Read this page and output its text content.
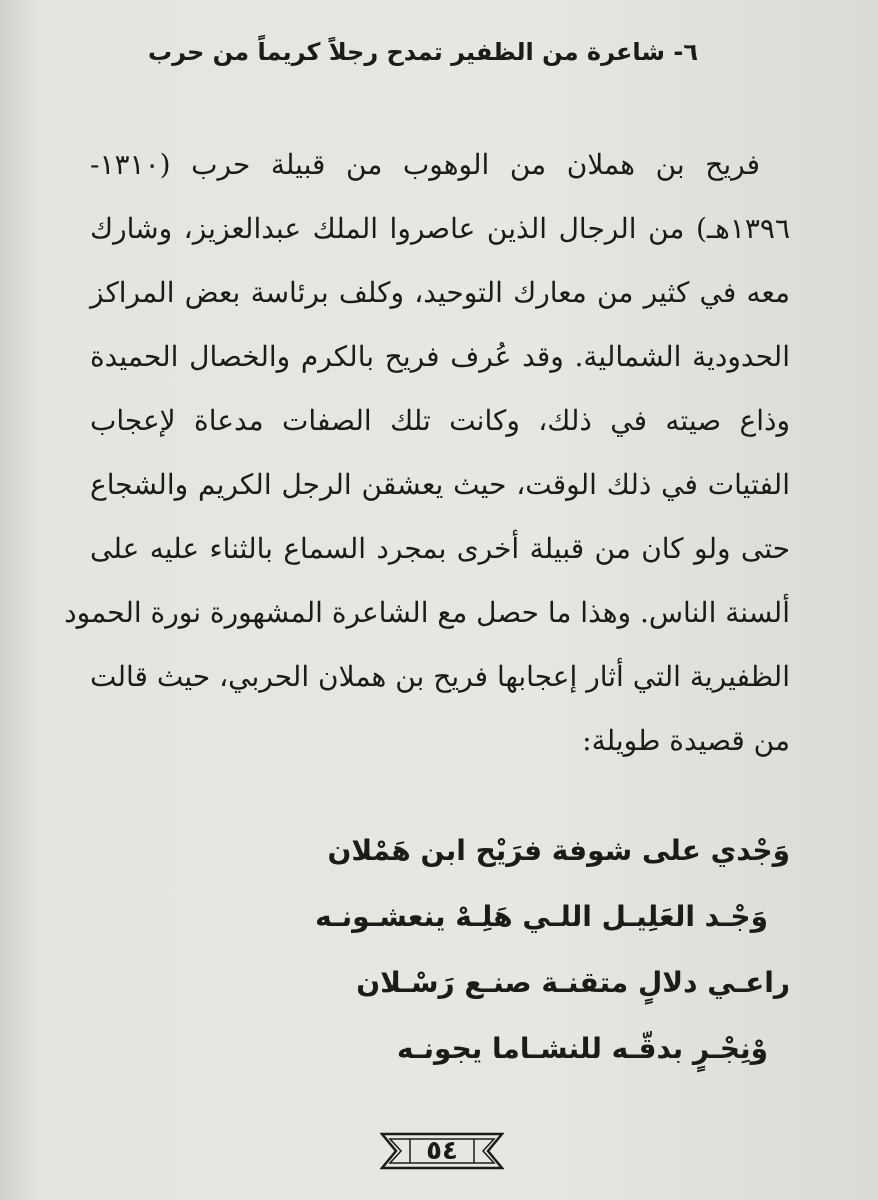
٦- شاعرة من الظفير تمدح رجلاً كريماً من حرب
فريح بن هملان من الوهوب من قبيلة حرب (١٣١٠-
١٣٩٦هـ) من الرجال الذين عاصروا الملك عبدالعزيز، وشارك
معه في كثير من معارك التوحيد، وكلف برئاسة بعض المراكز
الحدودية الشمالية. وقد عُرف فريح بالكرم والخصال الحميدة
وذاع صيته في ذلك، وكانت تلك الصفات مدعاة لإعجاب
الفتيات في ذلك الوقت، حيث يعشقن الرجل الكريم والشجاع
حتى ولو كان من قبيلة أخرى بمجرد السماع بالثناء عليه على
ألسنة الناس. وهذا ما حصل مع الشاعرة المشهورة نورة الحمود
الظفيرية التي أثار إعجابها فريح بن هملان الحربي، حيث قالت
من قصيدة طويلة:
وَجْدي على شوفة فرَيْح ابن هَمْلان
وَجْـد العَلِيـل اللـي هَلِـهْ ينعشـونـه
راعـي دلالٍ متقنـة صنـع رَسْـلان
وْنِجْـرٍ بدقّـه للنشـاما يجونـه
٥٤
